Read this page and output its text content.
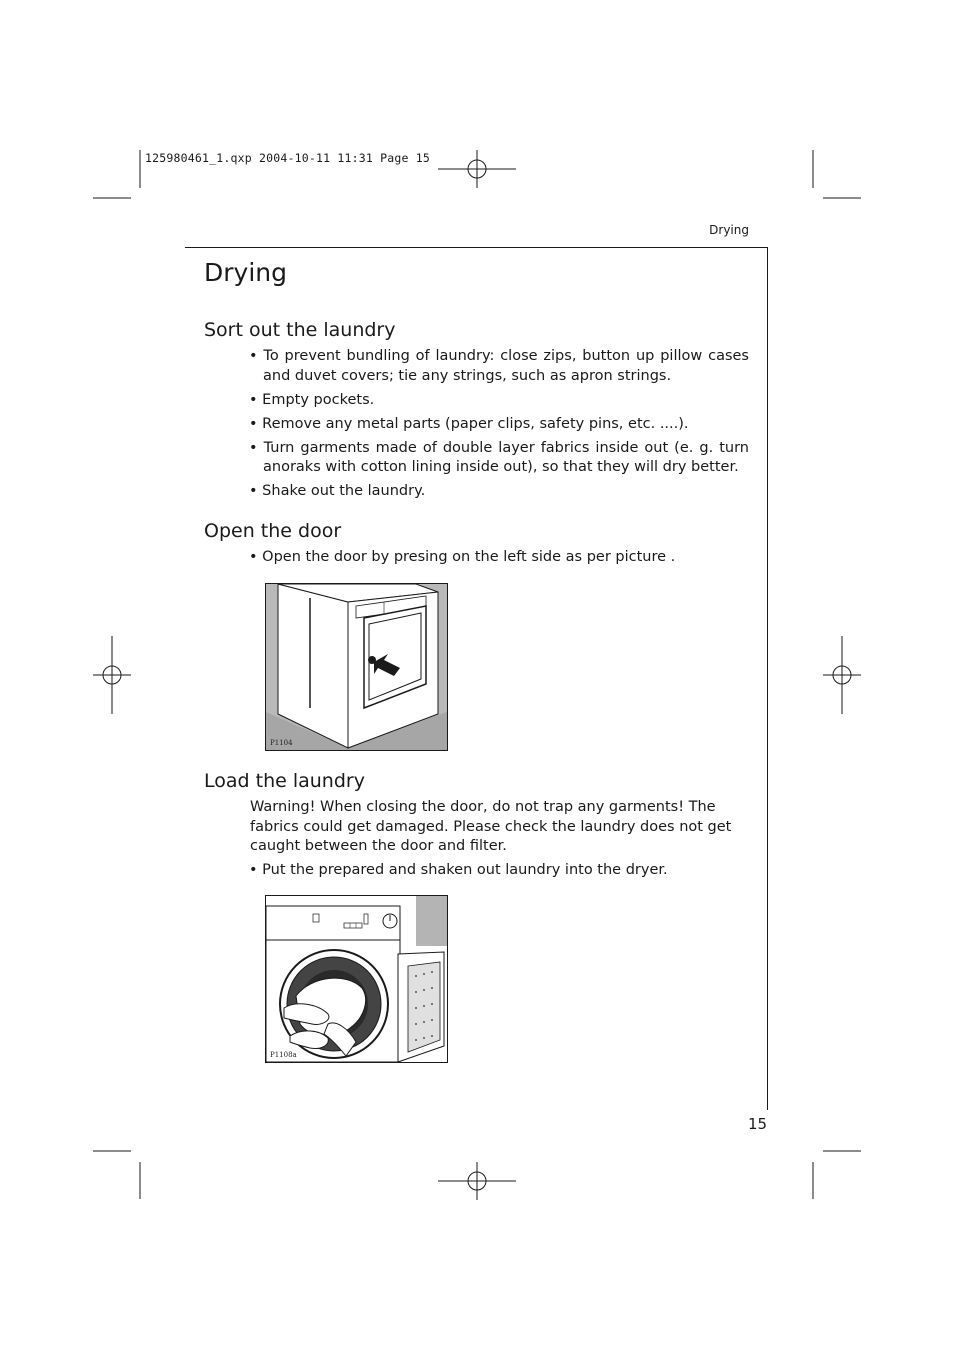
125980461_1.qxp 2004-10-11 11:31 Page 15
Drying
Drying
Sort out the laundry
• To prevent bundling of laundry: close zips, button up pillow cases and duvet covers; tie any strings, such as apron strings.
• Empty pockets.
• Remove any metal parts (paper clips, safety pins, etc. ....).
• Turn garments made of double layer fabrics inside out (e. g. turn anoraks with cotton lining inside out), so that they will dry better.
• Shake out the laundry.
Open the door
• Open the door by presing on the left side as per picture .
P1104
Load the laundry
Warning! When closing the door, do not trap any garments! The fabrics could get damaged. Please check the laundry does not get caught between the door and filter.
• Put the prepared and shaken out laundry into the dryer.
P1108a
15
